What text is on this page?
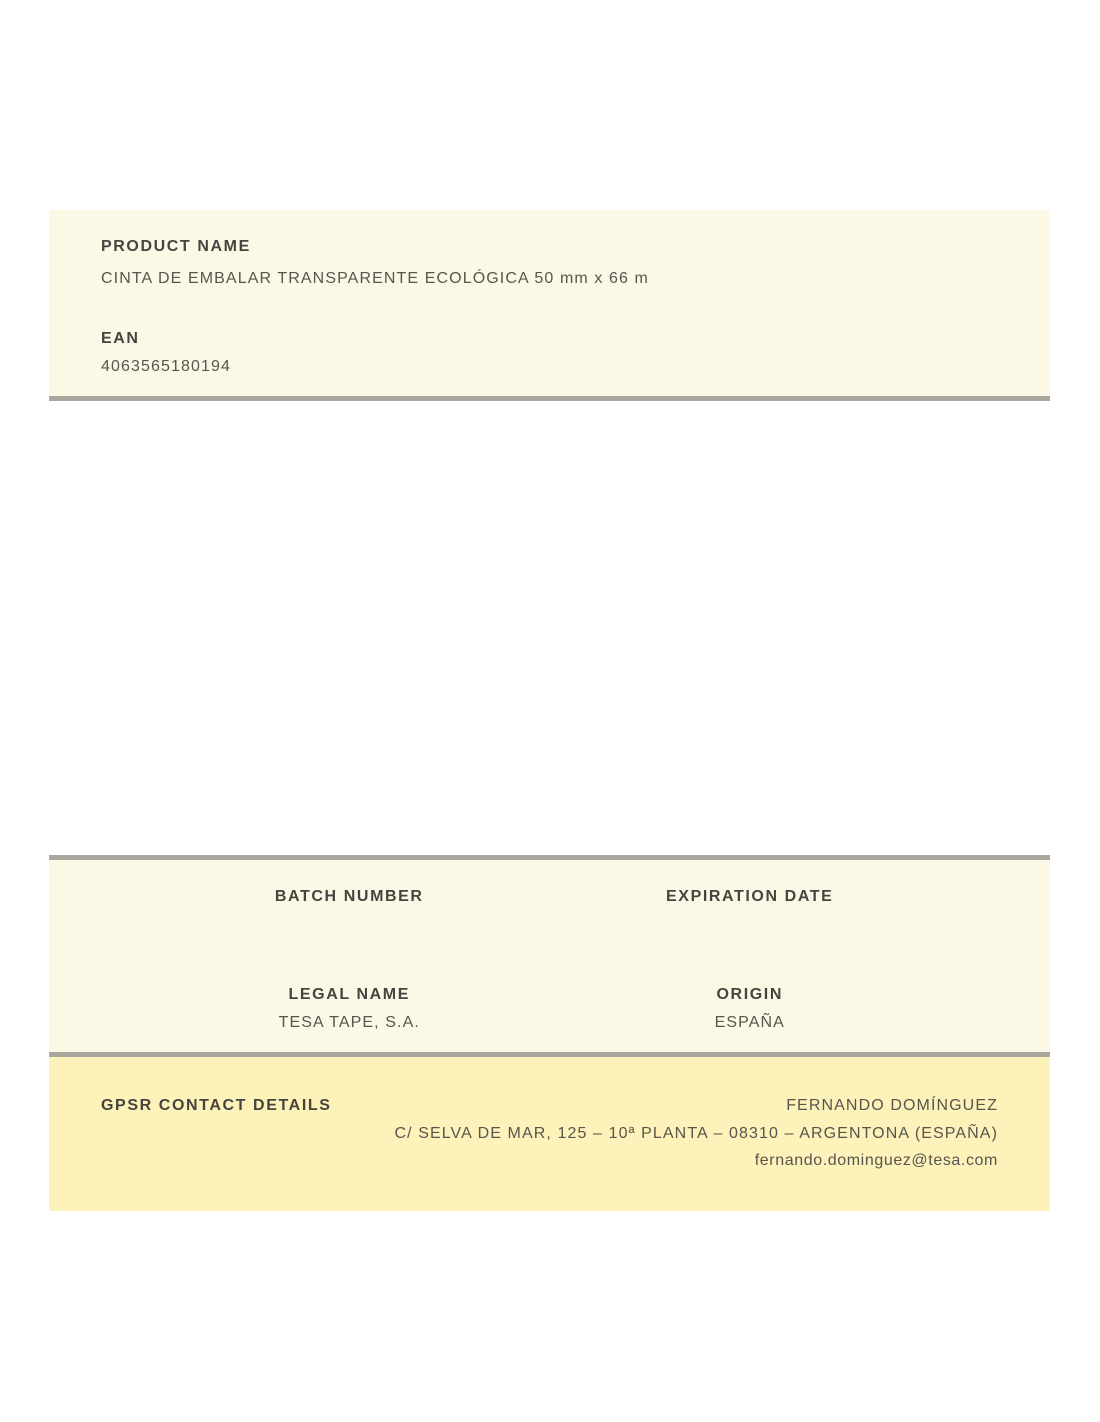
PRODUCT NAME
CINTA DE EMBALAR TRANSPARENTE ECOLÓGICA 50 mm x 66 m
EAN
4063565180194
BATCH NUMBER	EXPIRATION DATE
LEGAL NAME
TESA TAPE, S.A.
ORIGIN
ESPAÑA
GPSR CONTACT DETAILS	FERNANDO DOMÍNGUEZ
C/ SELVA DE MAR, 125 – 10ª PLANTA – 08310 – ARGENTONA (ESPAÑA)
fernando.dominguez@tesa.com
